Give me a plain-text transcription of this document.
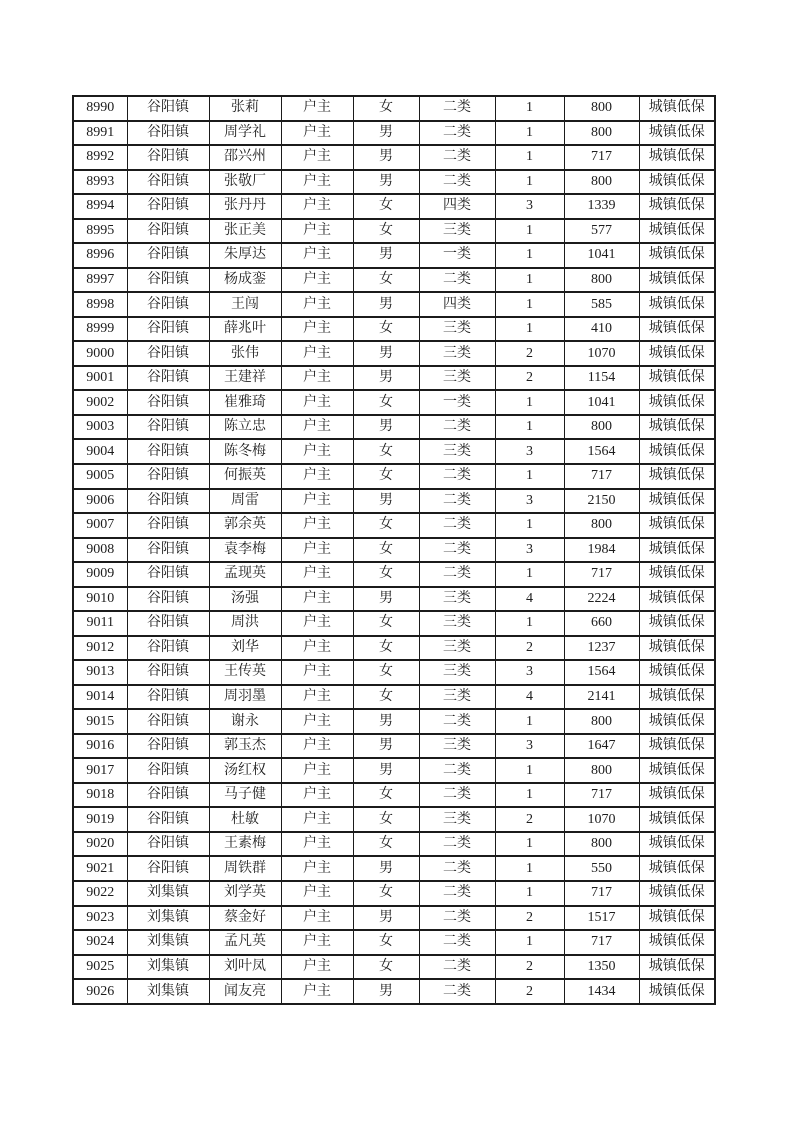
8990	谷阳镇	张莉	户主	女	二类	1	800	城镇低保
8991	谷阳镇	周学礼	户主	男	二类	1	800	城镇低保
8992	谷阳镇	邵兴州	户主	男	二类	1	717	城镇低保
8993	谷阳镇	张敬厂	户主	男	二类	1	800	城镇低保
8994	谷阳镇	张丹丹	户主	女	四类	3	1339	城镇低保
8995	谷阳镇	张正美	户主	女	三类	1	577	城镇低保
8996	谷阳镇	朱厚达	户主	男	一类	1	1041	城镇低保
8997	谷阳镇	杨成銮	户主	女	二类	1	800	城镇低保
8998	谷阳镇	王闯	户主	男	四类	1	585	城镇低保
8999	谷阳镇	薛兆叶	户主	女	三类	1	410	城镇低保
9000	谷阳镇	张伟	户主	男	三类	2	1070	城镇低保
9001	谷阳镇	王建祥	户主	男	三类	2	1154	城镇低保
9002	谷阳镇	崔雅琦	户主	女	一类	1	1041	城镇低保
9003	谷阳镇	陈立忠	户主	男	二类	1	800	城镇低保
9004	谷阳镇	陈冬梅	户主	女	三类	3	1564	城镇低保
9005	谷阳镇	何振英	户主	女	二类	1	717	城镇低保
9006	谷阳镇	周雷	户主	男	二类	3	2150	城镇低保
9007	谷阳镇	郭余英	户主	女	二类	1	800	城镇低保
9008	谷阳镇	袁李梅	户主	女	二类	3	1984	城镇低保
9009	谷阳镇	孟现英	户主	女	二类	1	717	城镇低保
9010	谷阳镇	汤强	户主	男	三类	4	2224	城镇低保
9011	谷阳镇	周洪	户主	女	三类	1	660	城镇低保
9012	谷阳镇	刘华	户主	女	三类	2	1237	城镇低保
9013	谷阳镇	王传英	户主	女	三类	3	1564	城镇低保
9014	谷阳镇	周羽墨	户主	女	三类	4	2141	城镇低保
9015	谷阳镇	谢永	户主	男	二类	1	800	城镇低保
9016	谷阳镇	郭玉杰	户主	男	三类	3	1647	城镇低保
9017	谷阳镇	汤红权	户主	男	二类	1	800	城镇低保
9018	谷阳镇	马子健	户主	女	二类	1	717	城镇低保
9019	谷阳镇	杜敏	户主	女	三类	2	1070	城镇低保
9020	谷阳镇	王素梅	户主	女	二类	1	800	城镇低保
9021	谷阳镇	周铁群	户主	男	二类	1	550	城镇低保
9022	刘集镇	刘学英	户主	女	二类	1	717	城镇低保
9023	刘集镇	蔡金好	户主	男	二类	2	1517	城镇低保
9024	刘集镇	孟凡英	户主	女	二类	1	717	城镇低保
9025	刘集镇	刘叶凤	户主	女	二类	2	1350	城镇低保
9026	刘集镇	闻友亮	户主	男	二类	2	1434	城镇低保
